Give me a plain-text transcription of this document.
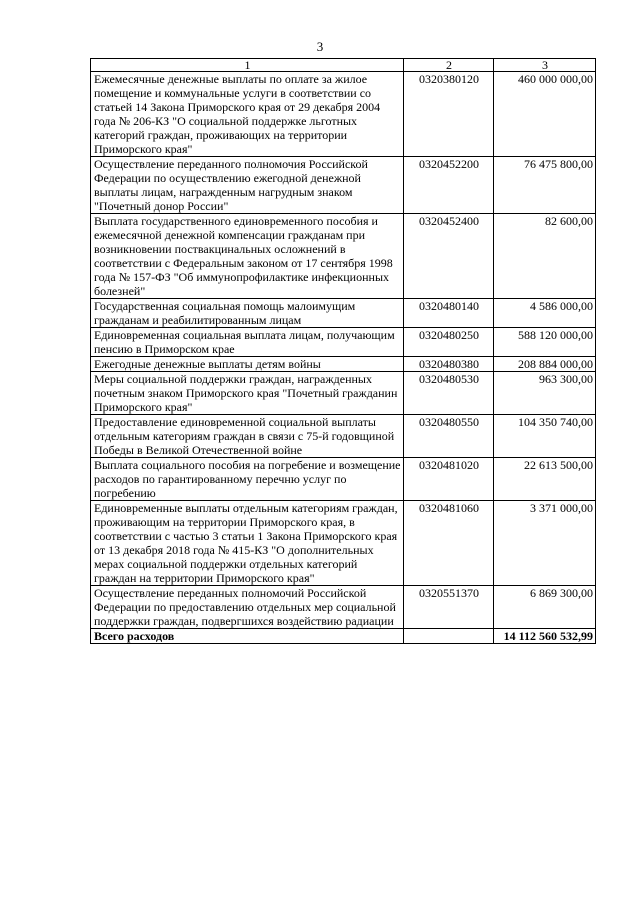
3
1	2	3
Ежемесячные денежные выплаты по оплате за жилое помещение и коммунальные услуги в соответствии со статьей 14 Закона Приморского края от 29 декабря 2004 года № 206-КЗ "О социальной поддержке льготных категорий граждан, проживающих на территории Приморского края"	0320380120	460 000 000,00
Осуществление переданного полномочия Российской Федерации по осуществлению ежегодной денежной выплаты лицам, награжденным нагрудным знаком "Почетный донор России"	0320452200	76 475 800,00
Выплата государственного единовременного пособия и ежемесячной денежной компенсации гражданам при возникновении поствакцинальных осложнений в соответствии с Федеральным законом от 17 сентября 1998 года № 157-ФЗ "Об иммунопрофилактике инфекционных болезней"	0320452400	82 600,00
Государственная социальная помощь малоимущим гражданам и реабилитированным лицам	0320480140	4 586 000,00
Единовременная социальная выплата лицам, получающим пенсию в Приморском крае	0320480250	588 120 000,00
Ежегодные денежные выплаты детям войны	0320480380	208 884 000,00
Меры социальной поддержки граждан, награжденных почетным знаком Приморского края "Почетный гражданин Приморского края"	0320480530	963 300,00
Предоставление единовременной социальной выплаты отдельным категориям граждан в связи с 75-й годовщиной Победы в Великой Отечественной войне	0320480550	104 350 740,00
Выплата социального пособия на погребение и возмещение расходов по гарантированному перечню услуг по погребению	0320481020	22 613 500,00
Единовременные выплаты отдельным категориям граждан, проживающим на территории Приморского края, в соответствии с частью 3 статьи 1 Закона Приморского края от 13 декабря 2018 года № 415-КЗ "О дополнительных мерах социальной поддержки отдельных категорий граждан на территории Приморского края"	0320481060	3 371 000,00
Осуществление переданных полномочий Российской Федерации по предоставлению отдельных мер социальной поддержки граждан, подвергшихся воздействию радиации	0320551370	6 869 300,00
Всего расходов		14 112 560 532,99
